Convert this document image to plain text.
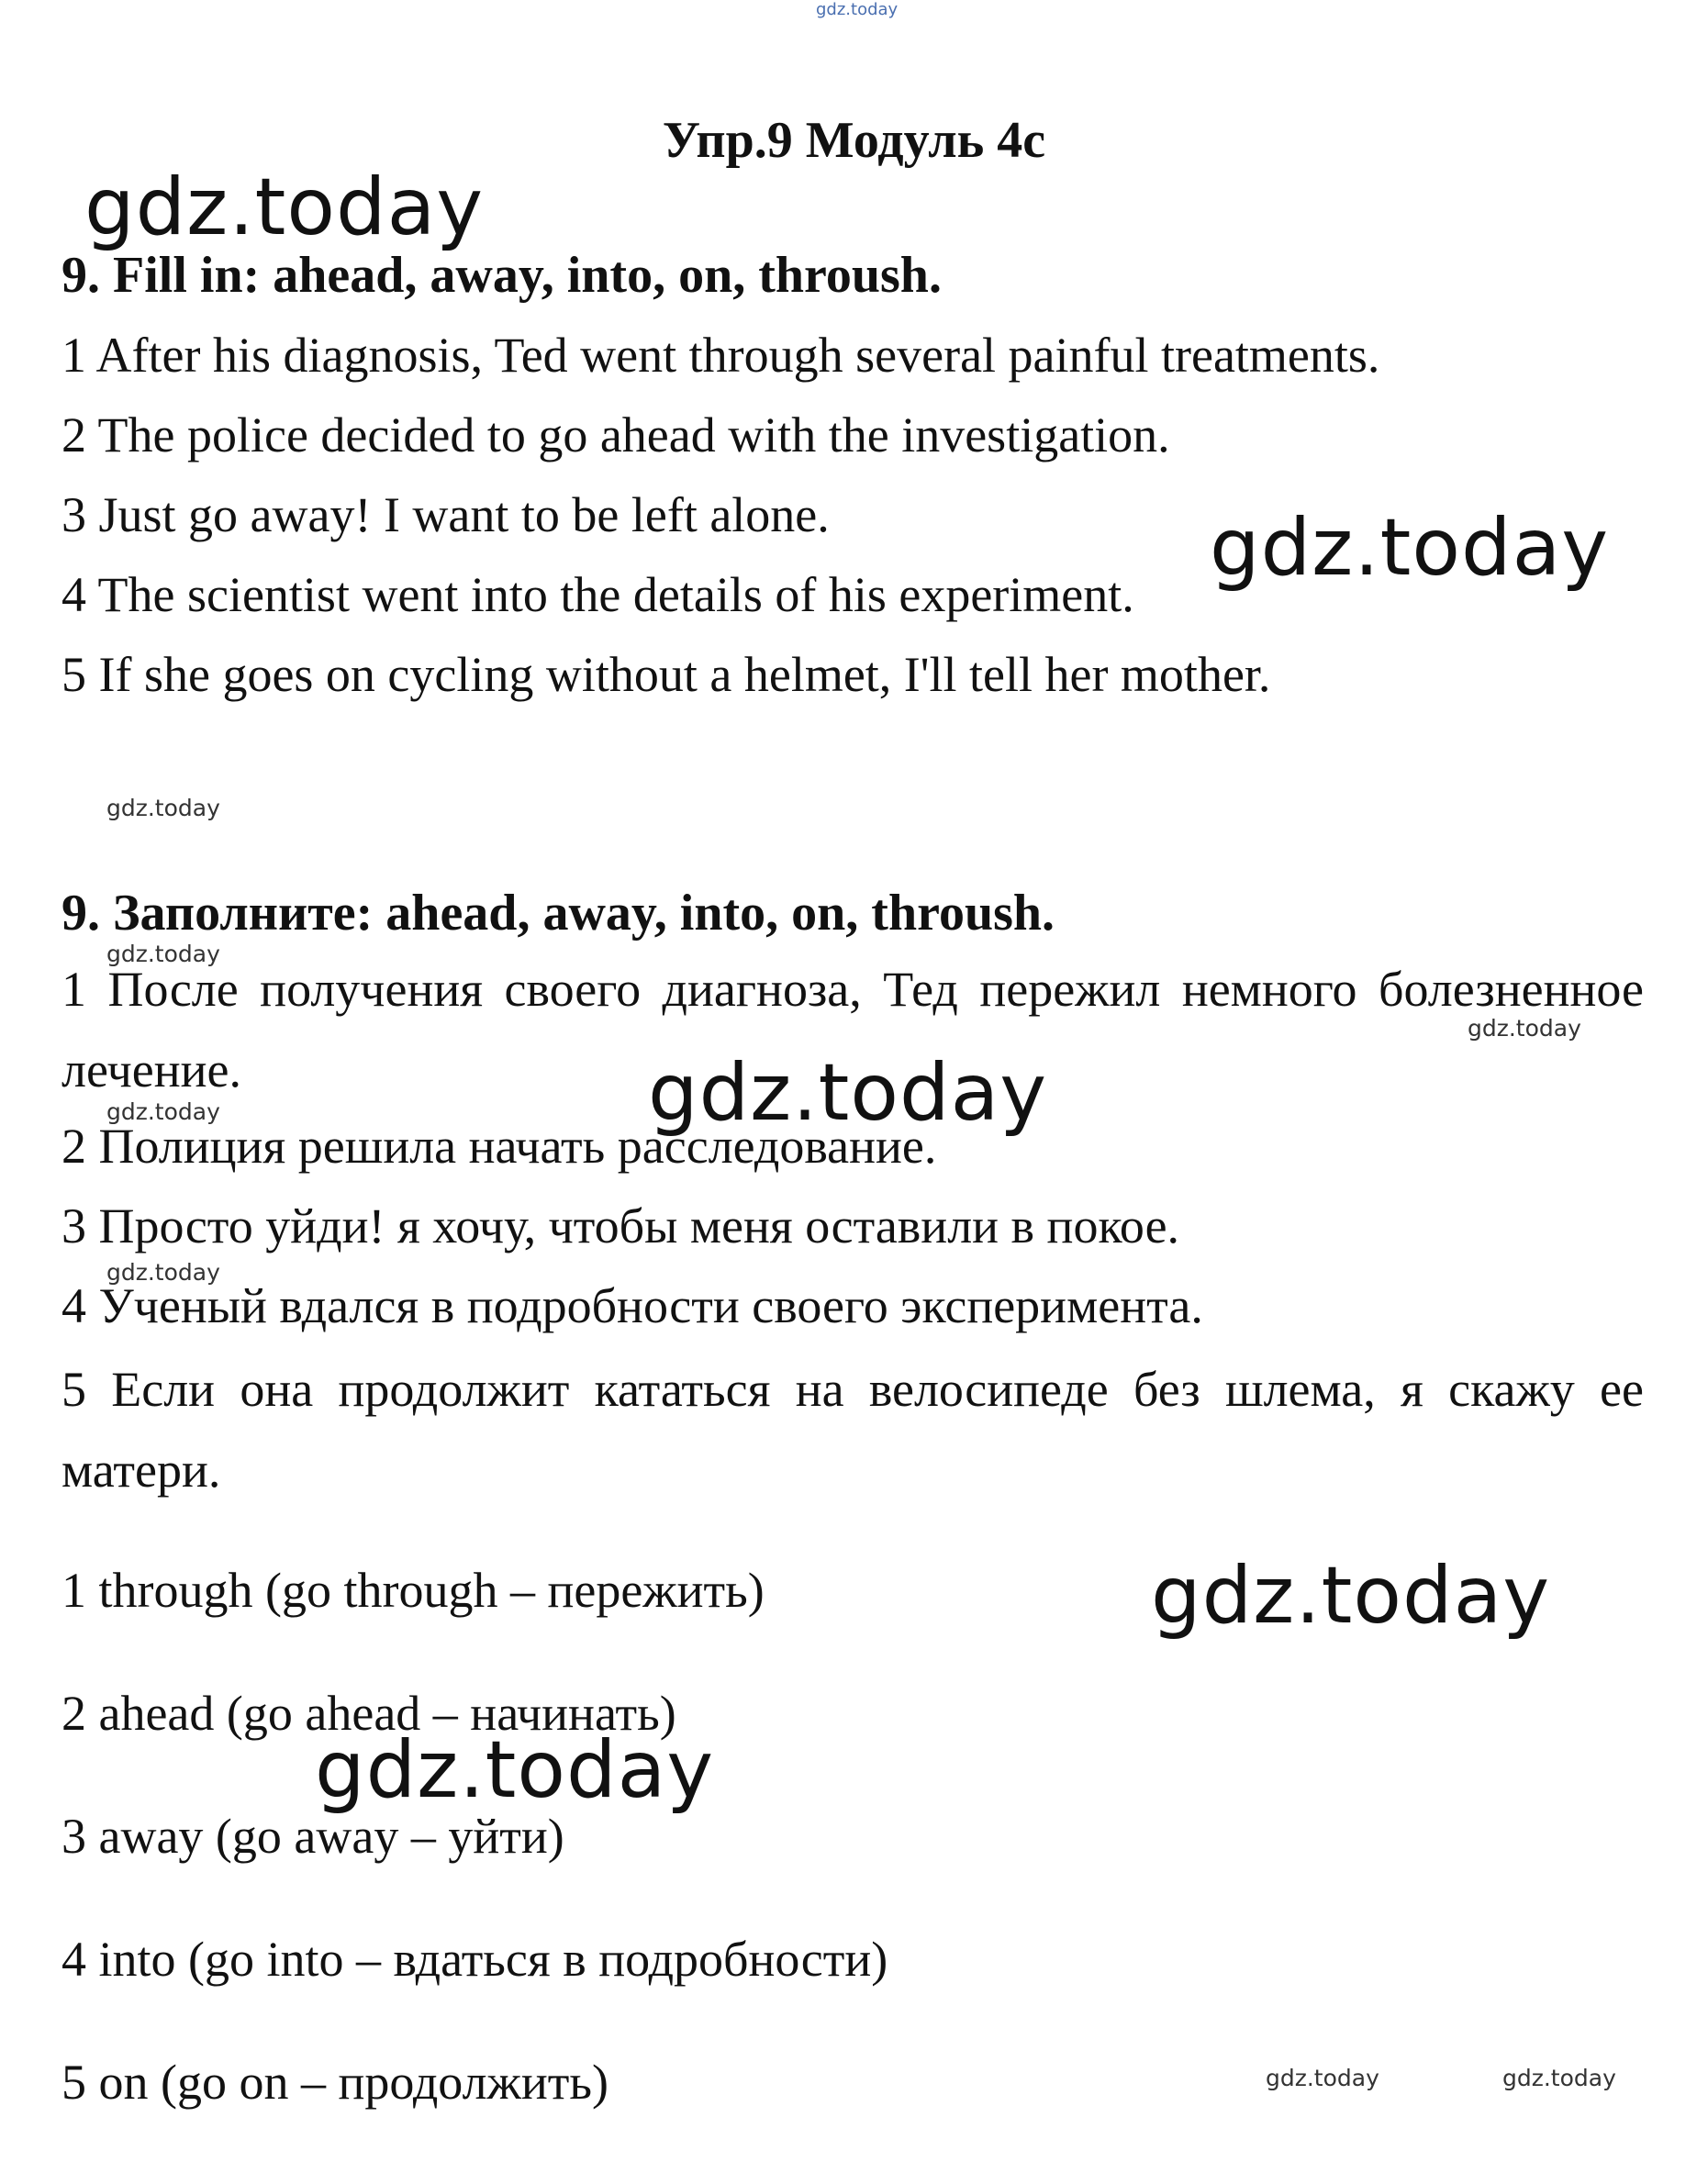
gdz.today
Упр.9 Модуль 4с
9. Fill in: ahead, away, into, on, throush.

1 After his diagnosis, Ted went through several painful treatments.

2 The police decided to go ahead with the investigation.

3 Just go away! I want to be left alone.

4 The scientist went into the details of his experiment.

5 If she goes on cycling without a helmet, I'll tell her mother.

9. Заполните: ahead, away, into, on, throush.

1 После получения своего диагноза, Тед пережил немного болезненное лечение.

2 Полиция решила начать расследование.

3 Просто уйди! я хочу, чтобы меня оставили в покое.

4 Ученый вдался в подробности своего эксперимента.

5 Если она продолжит кататься на велосипеде без шлема, я скажу ее матери.

1 through (go through – пережить)

2 ahead (go ahead – начинать)

3 away (go away – уйти)

4 into (go into – вдаться в подробности)

5 on (go on – продолжить)

gdz.today
gdz.today
gdz.today
gdz.today
gdz.today
gdz.today
gdz.today
gdz.today
gdz.today
gdz.today
gdz.today	gdz.today
